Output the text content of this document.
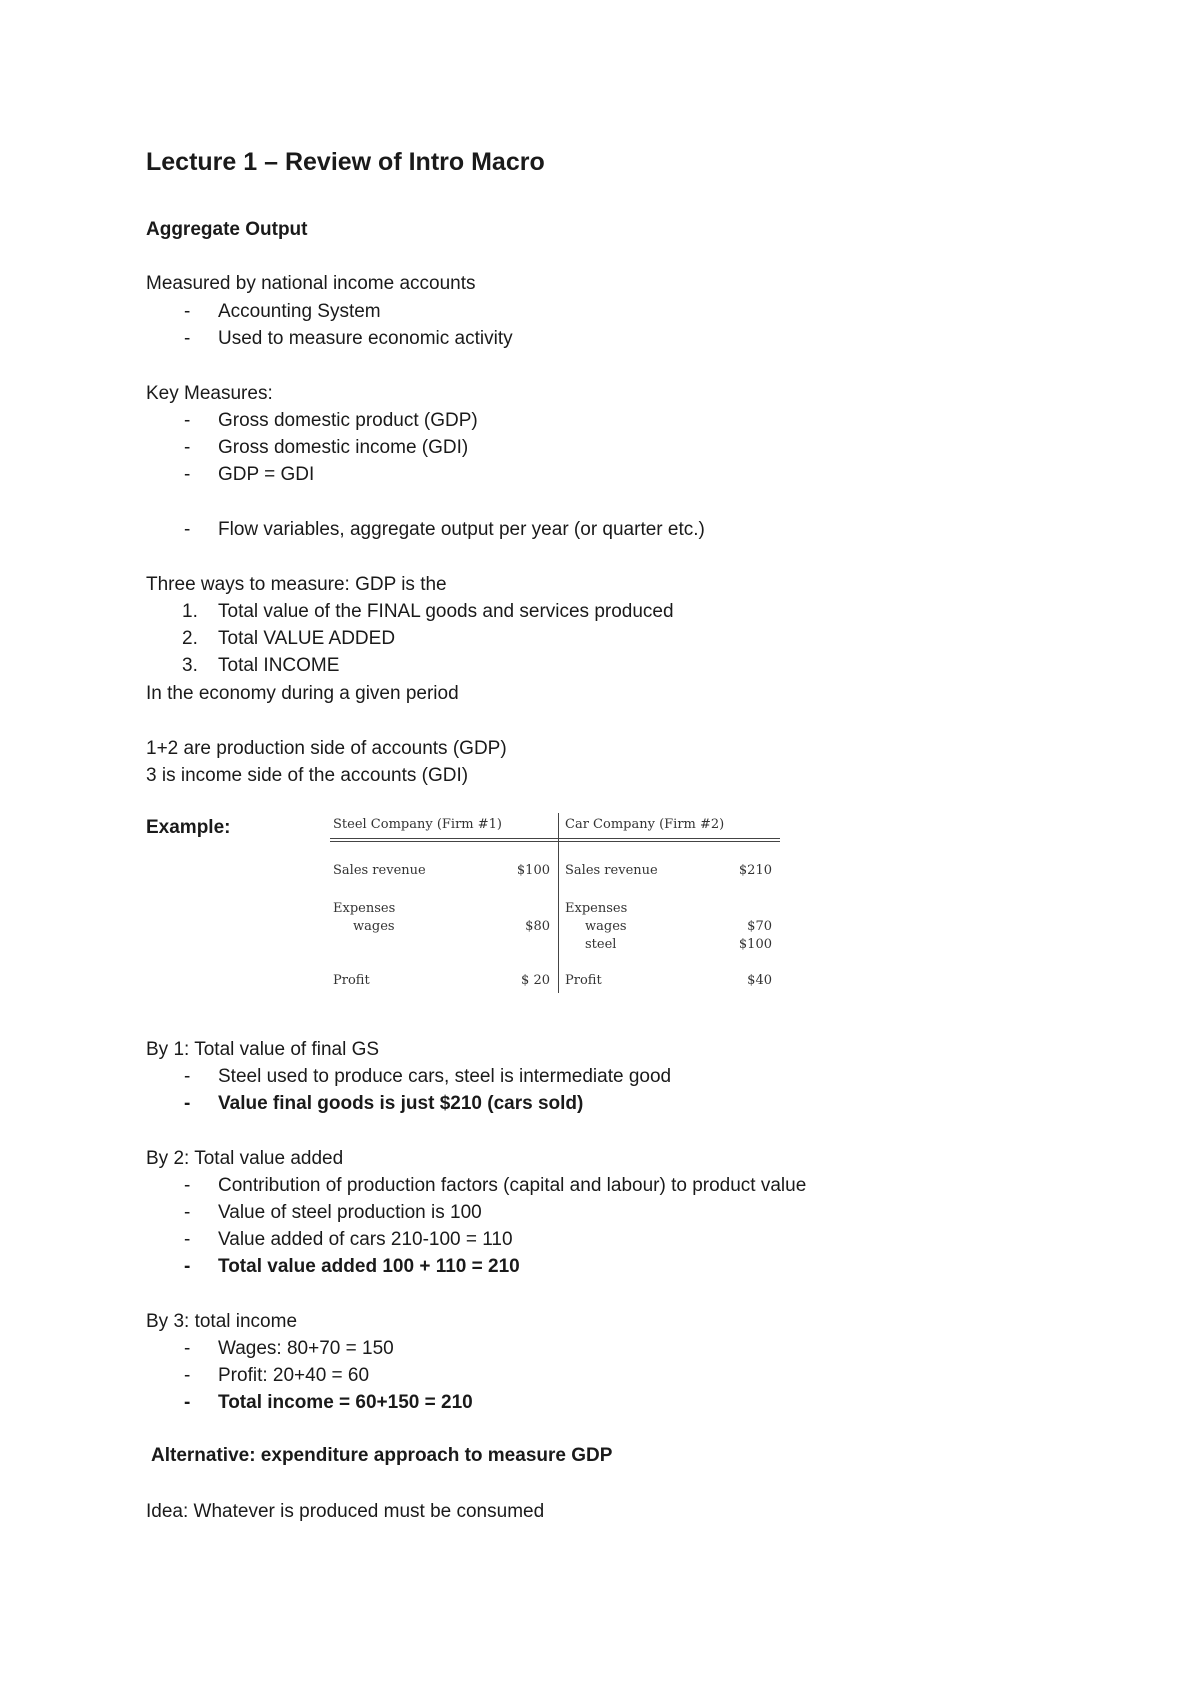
Lecture 1 – Review of Intro Macro
Aggregate Output
Measured by national income accounts
- Accounting System
- Used to measure economic activity
Key Measures:
- Gross domestic product (GDP)
- Gross domestic income (GDI)
- GDP = GDI
- Flow variables, aggregate output per year (or quarter etc.)
Three ways to measure: GDP is the
1. Total value of the FINAL goods and services produced
2. Total VALUE ADDED
3. Total INCOME
In the economy during a given period
1+2 are production side of accounts (GDP)
3 is income side of the accounts (GDI)
Example:	Steel Company (Firm #1)
Sales revenue	$100
Expenses
wages	$80
Profit	$ 20
Car Company (Firm #2)
Sales revenue	$210
Expenses
wages	$70
steel	$100
Profit	$40
By 1: Total value of final GS
- Steel used to produce cars, steel is intermediate good
- Value final goods is just $210 (cars sold)
By 2: Total value added
- Contribution of production factors (capital and labour) to product value
- Value of steel production is 100
- Value added of cars 210-100 = 110
- Total value added 100 + 110 = 210
By 3: total income
- Wages: 80+70 = 150
- Profit: 20+40 = 60
- Total income = 60+150 = 210
Alternative: expenditure approach to measure GDP
Idea: Whatever is produced must be consumed
